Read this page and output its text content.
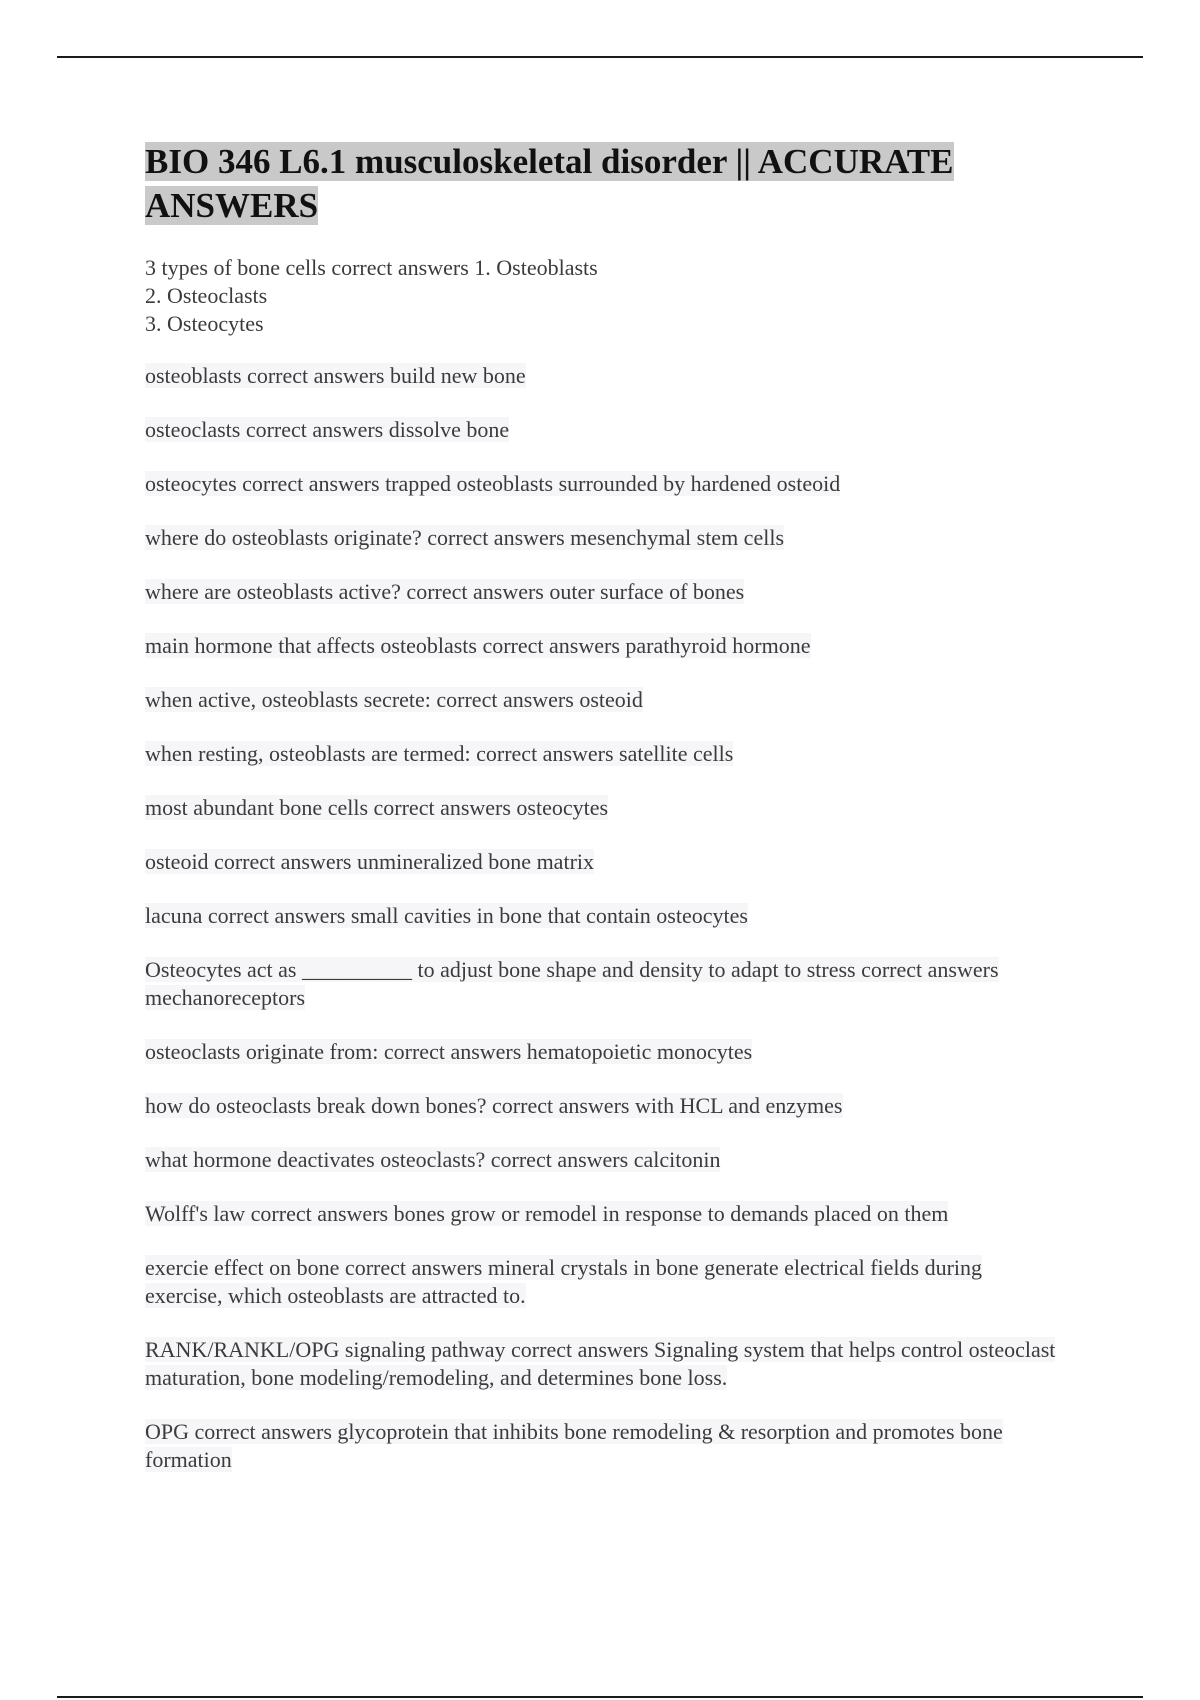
BIO 346 L6.1 musculoskeletal disorder || ACCURATE ANSWERS
3 types of bone cells correct answers 1. Osteoblasts
2. Osteoclasts
3. Osteocytes

osteoblasts correct answers build new bone

osteoclasts correct answers dissolve bone

osteocytes correct answers trapped osteoblasts surrounded by hardened osteoid

where do osteoblasts originate? correct answers mesenchymal stem cells

where are osteoblasts active? correct answers outer surface of bones

main hormone that affects osteoblasts correct answers parathyroid hormone

when active, osteoblasts secrete: correct answers osteoid

when resting, osteoblasts are termed: correct answers satellite cells

most abundant bone cells correct answers osteocytes

osteoid correct answers unmineralized bone matrix

lacuna correct answers small cavities in bone that contain osteocytes

Osteocytes act as __________ to adjust bone shape and density to adapt to stress correct answers mechanoreceptors

osteoclasts originate from: correct answers hematopoietic monocytes

how do osteoclasts break down bones? correct answers with HCL and enzymes

what hormone deactivates osteoclasts? correct answers calcitonin

Wolff's law correct answers bones grow or remodel in response to demands placed on them

exercie effect on bone correct answers mineral crystals in bone generate electrical fields during exercise, which osteoblasts are attracted to.

RANK/RANKL/OPG signaling pathway correct answers Signaling system that helps control osteoclast maturation, bone modeling/remodeling, and determines bone loss.

OPG correct answers glycoprotein that inhibits bone remodeling & resorption and promotes bone formation
